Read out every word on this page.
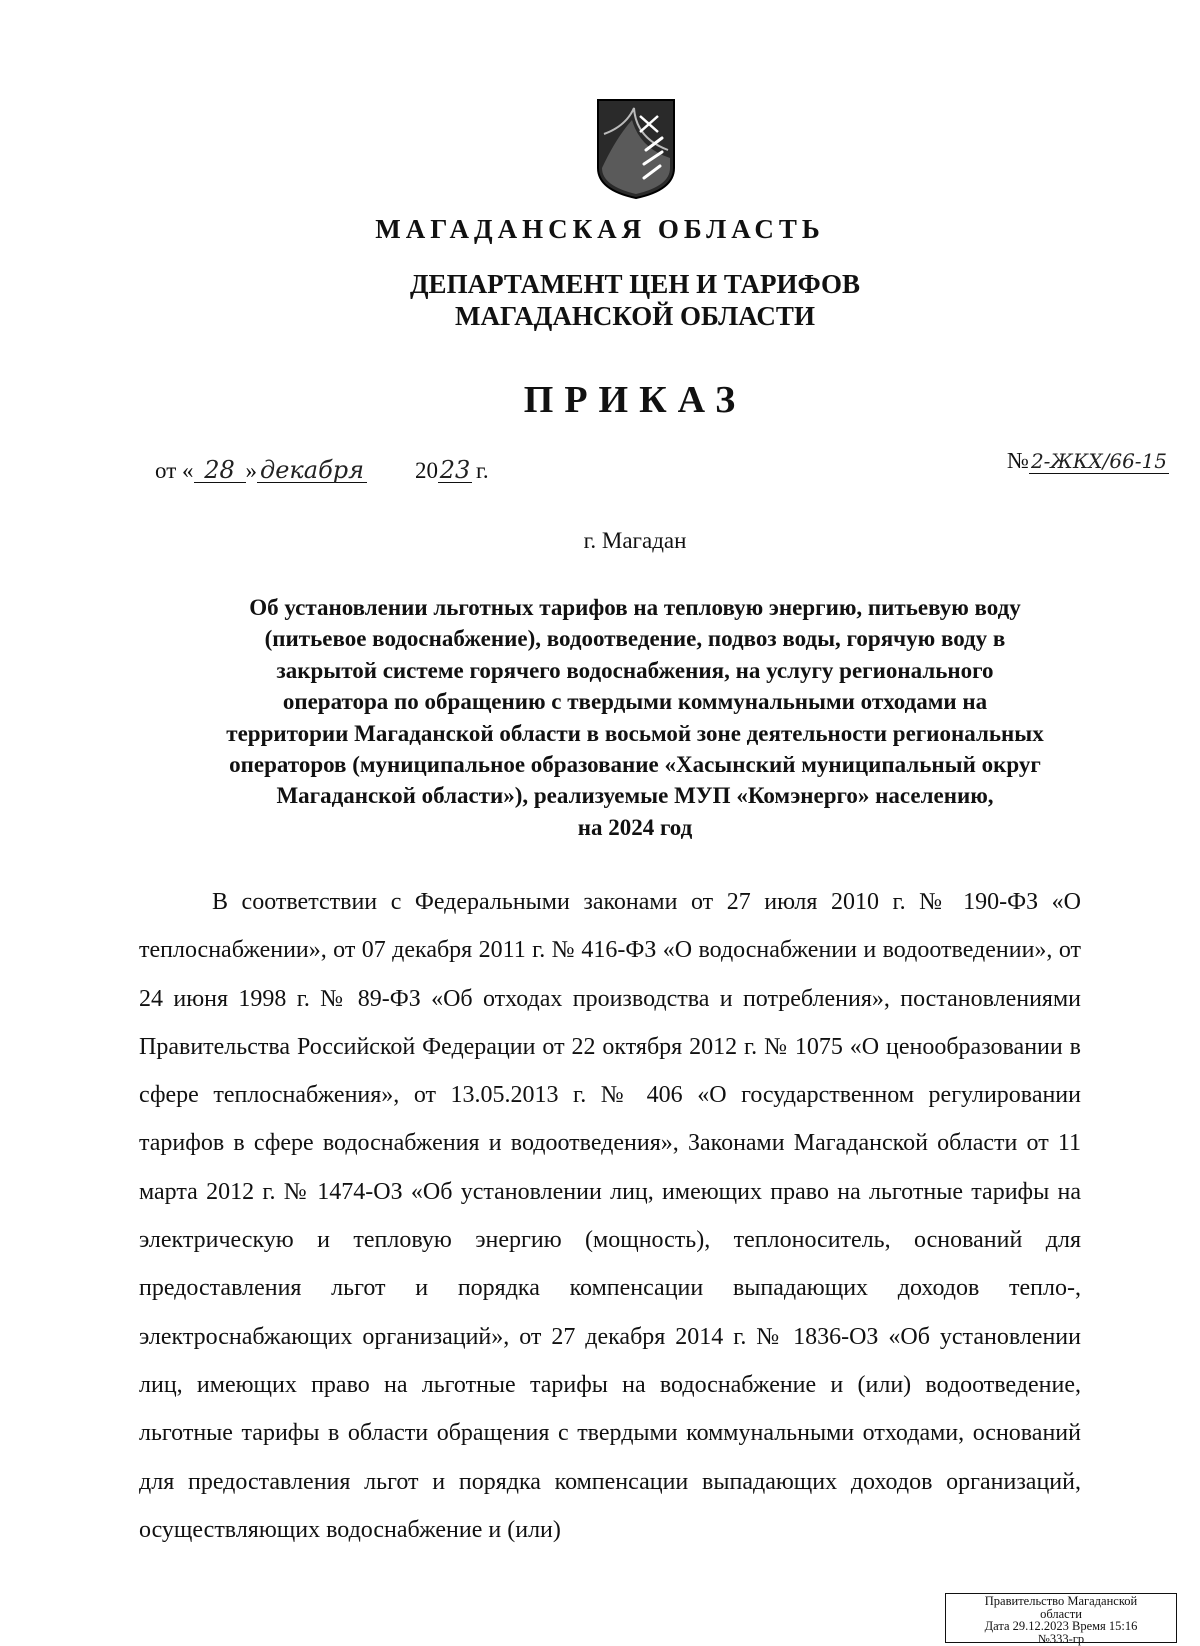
МАГАДАНСКАЯ ОБЛАСТЬ
ДЕПАРТАМЕНТ ЦЕН И ТАРИФОВ
МАГАДАНСКОЙ ОБЛАСТИ
ПРИКАЗ
от « 28 » декабря 20 23 г.	№ 2-ЖКХ/66-15
г. Магадан
Об установлении льготных тарифов на тепловую энергию, питьевую воду
(питьевое водоснабжение), водоотведение, подвоз воды, горячую воду в
закрытой системе горячего водоснабжения, на услугу регионального
оператора по обращению с твердыми коммунальными отходами на
территории Магаданской области в восьмой зоне деятельности региональных
операторов (муниципальное образование «Хасынский муниципальный округ
Магаданской области»), реализуемые МУП «Комэнерго» населению,
на 2024 год
В соответствии с Федеральными законами от 27 июля 2010 г. № 190-ФЗ «О теплоснабжении», от 07 декабря 2011 г. № 416-ФЗ «О водоснабжении и водоотведении», от 24 июня 1998 г. № 89-ФЗ «Об отходах производства и потребления», постановлениями Правительства Российской Федерации от 22 октября 2012 г. № 1075 «О ценообразовании в сфере теплоснабжения», от 13.05.2013 г. № 406 «О государственном регулировании тарифов в сфере водоснабжения и водоотведения», Законами Магаданской области от 11 марта 2012 г. № 1474-ОЗ «Об установлении лиц, имеющих право на льготные тарифы на электрическую и тепловую энергию (мощность), теплоноситель, оснований для предоставления льгот и порядка компенсации выпадающих доходов тепло-, электроснабжающих организаций», от 27 декабря 2014 г. № 1836-ОЗ «Об установлении лиц, имеющих право на льготные тарифы на водоснабжение и (или) водоотведение, льготные тарифы в области обращения с твердыми коммунальными отходами, оснований для предоставления льгот и порядка компенсации выпадающих доходов организаций, осуществляющих водоснабжение и (или)
Правительство Магаданской
области
Дата 29.12.2023 Время 15:16
№333-гр
